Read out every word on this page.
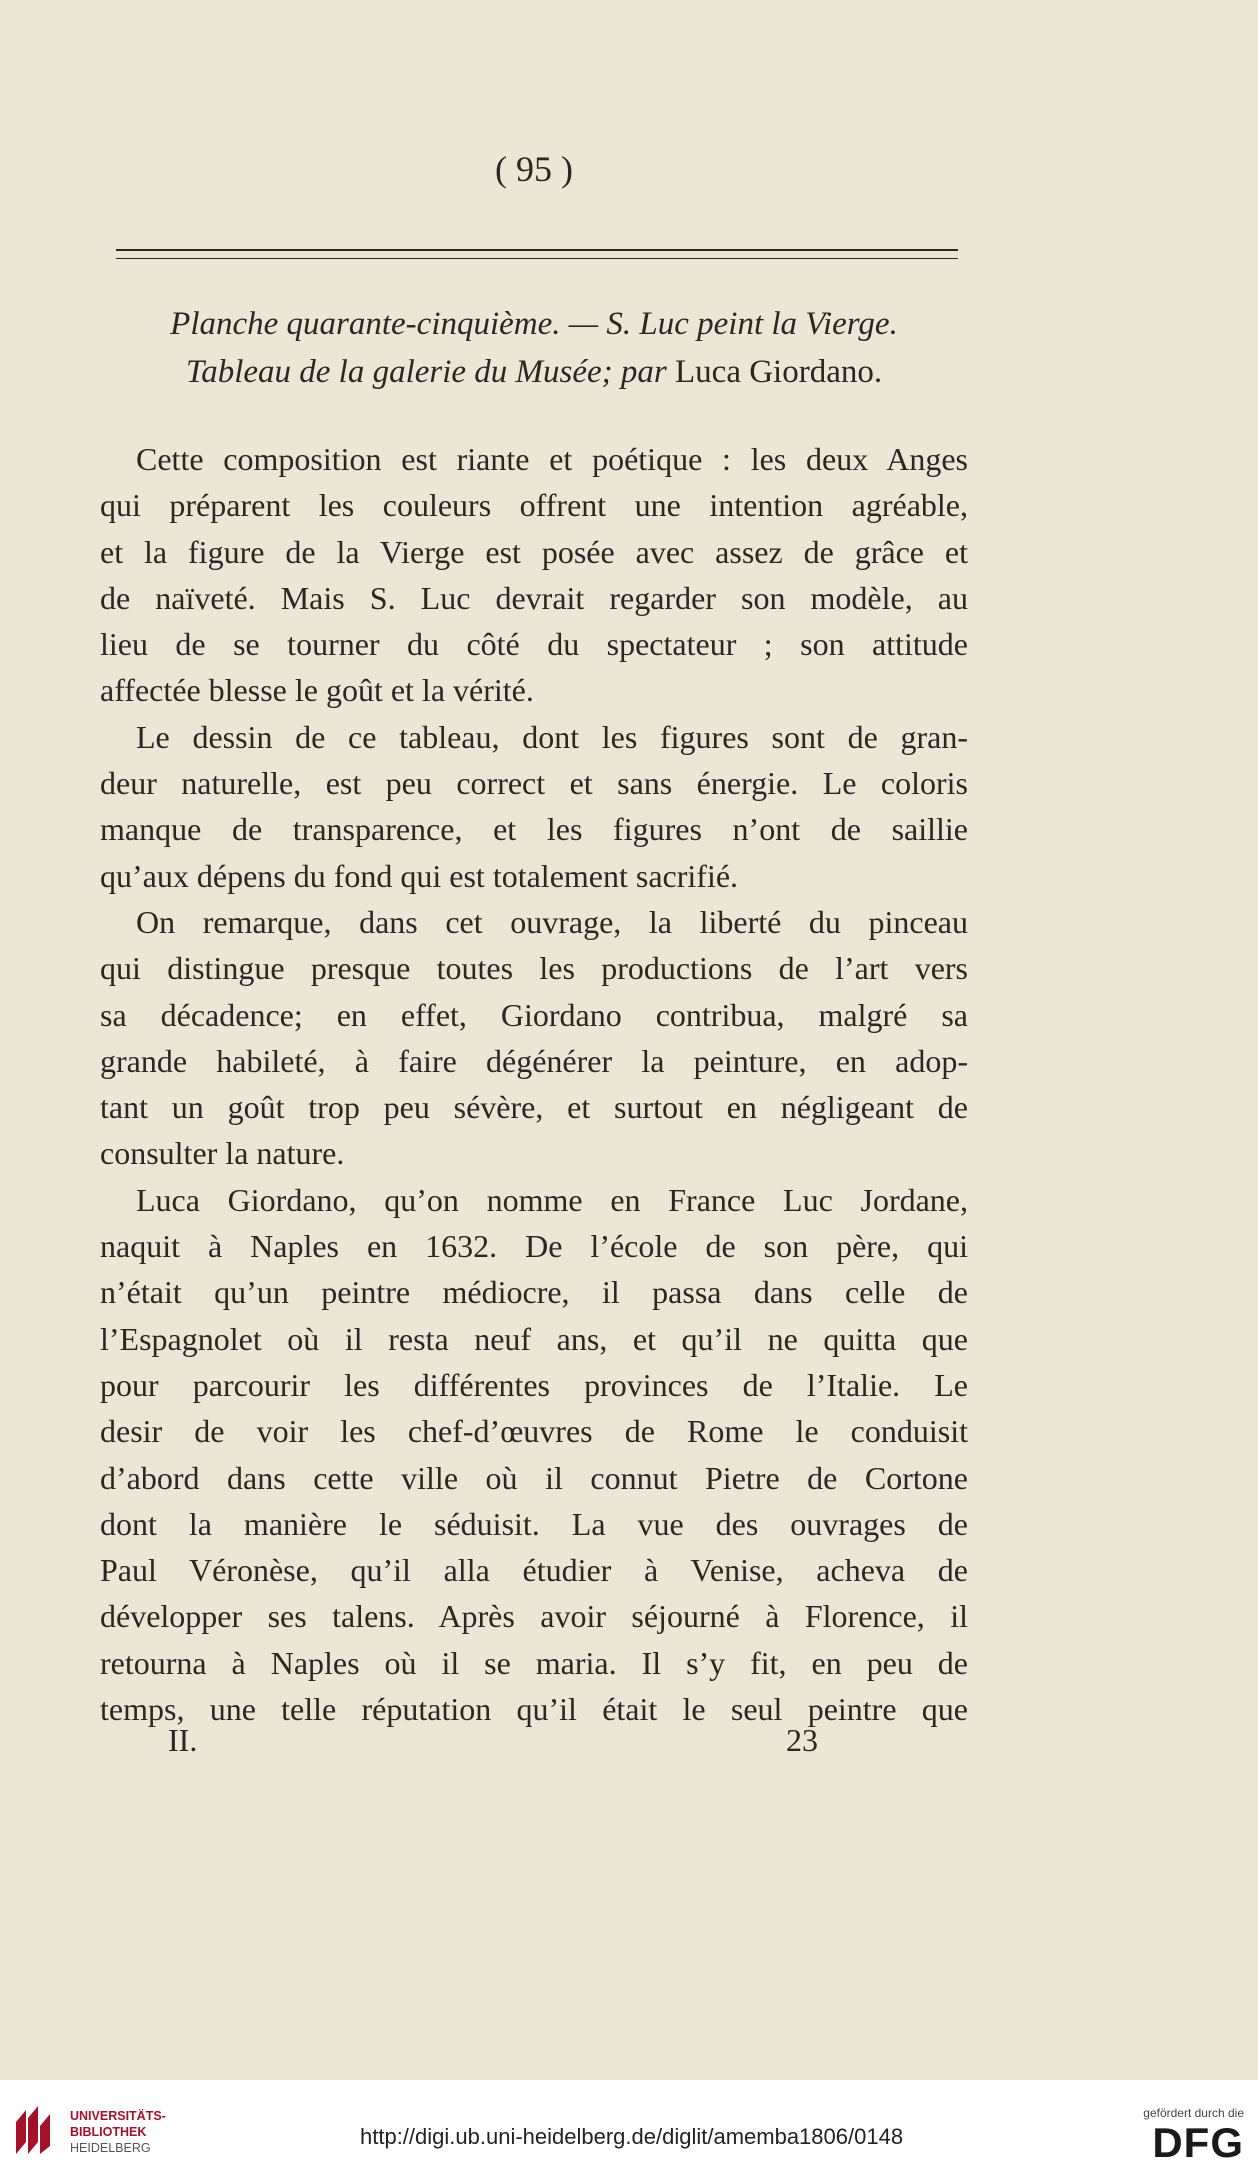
( 95 )
Planche quarante-cinquième. — S. Luc peint la Vierge.
Tableau de la galerie du Musée; par Luca Giordano.
Cette composition est riante et poétique : les deux Anges
qui préparent les couleurs offrent une intention agréable,
et la figure de la Vierge est posée avec assez de grâce et
de naïveté. Mais S. Luc devrait regarder son modèle, au
lieu de se tourner du côté du spectateur ; son attitude
affectée blesse le goût et la vérité.
Le dessin de ce tableau, dont les figures sont de gran-
deur naturelle, est peu correct et sans énergie. Le coloris
manque de transparence, et les figures n’ont de saillie
qu’aux dépens du fond qui est totalement sacrifié.
On remarque, dans cet ouvrage, la liberté du pinceau
qui distingue presque toutes les productions de l’art vers
sa décadence; en effet, Giordano contribua, malgré sa
grande habileté, à faire dégénérer la peinture, en adop-
tant un goût trop peu sévère, et surtout en négligeant de
consulter la nature.
Luca Giordano, qu’on nomme en France Luc Jordane,
naquit à Naples en 1632. De l’école de son père, qui
n’était qu’un peintre médiocre, il passa dans celle de
l’Espagnolet où il resta neuf ans, et qu’il ne quitta que
pour parcourir les différentes provinces de l’Italie. Le
desir de voir les chef-d’œuvres de Rome le conduisit
d’abord dans cette ville où il connut Pietre de Cortone
dont la manière le séduisit. La vue des ouvrages de
Paul Véronèse, qu’il alla étudier à Venise, acheva de
développer ses talens. Après avoir séjourné à Florence, il
retourna à Naples où il se maria. Il s’y fit, en peu de
temps, une telle réputation qu’il était le seul peintre que
II.	23
UNIVERSITÄTS-
BIBLIOTHEK
HEIDELBERG	http://digi.ub.uni-heidelberg.de/diglit/amemba1806/0148
gefördert durch die
DFG
